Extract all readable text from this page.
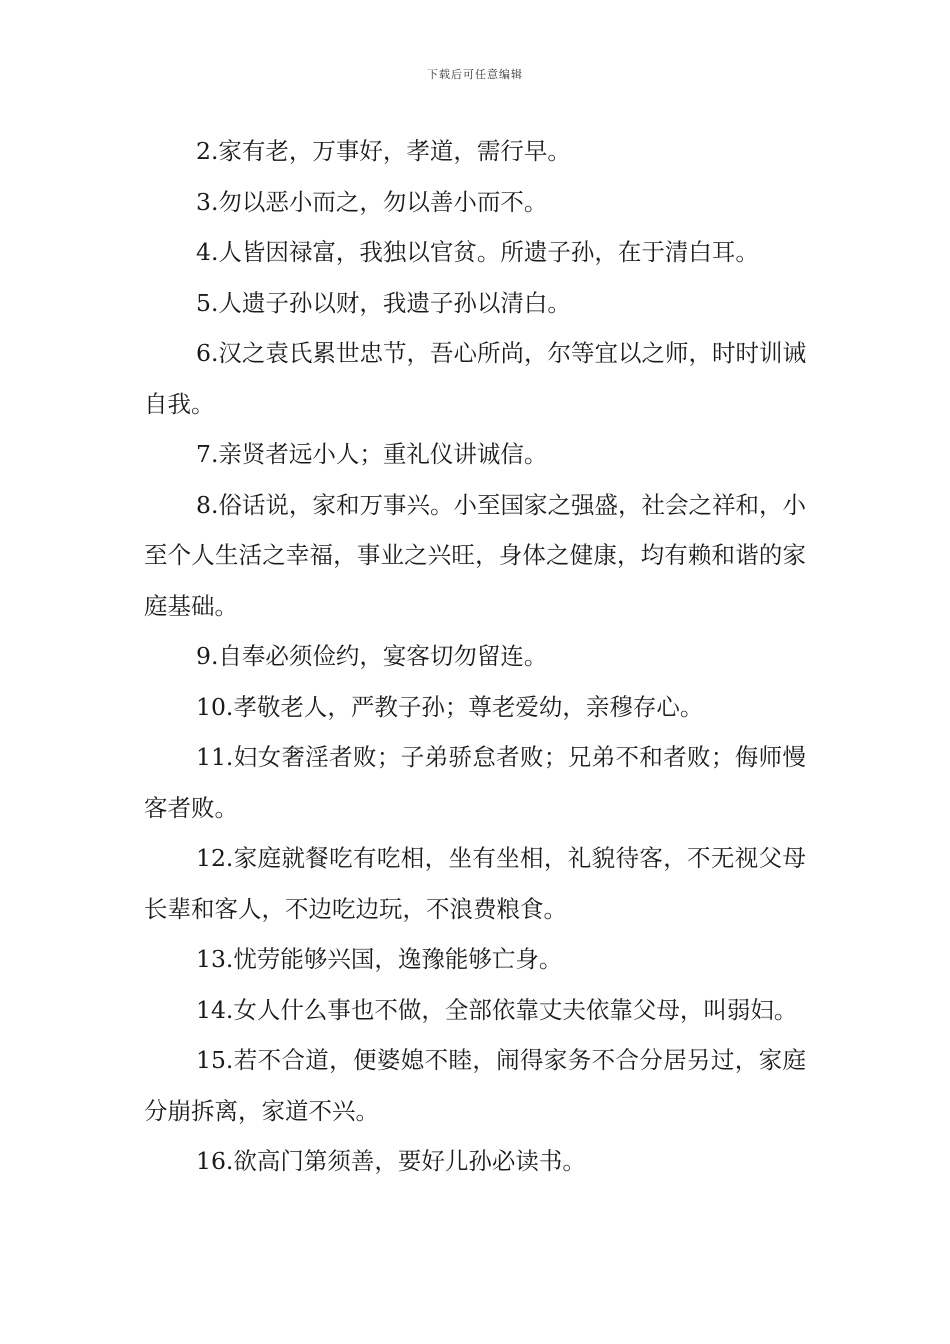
下载后可任意编辑

2.家有老，万事好，孝道，需行早。

3.勿以恶小而之，勿以善小而不。

4.人皆因禄富，我独以官贫。所遗子孙，在于清白耳。

5.人遗子孙以财，我遗子孙以清白。

6.汉之袁氏累世忠节，吾心所尚，尔等宜以之师，时时训诫自我。

7.亲贤者远小人；重礼仪讲诚信。

8.俗话说，家和万事兴。小至国家之强盛，社会之祥和，小至个人生活之幸福，事业之兴旺，身体之健康，均有赖和谐的家庭基础。

9.自奉必须俭约，宴客切勿留连。

10.孝敬老人，严教子孙；尊老爱幼，亲穆存心。

11.妇女奢淫者败；子弟骄怠者败；兄弟不和者败；侮师慢客者败。

12.家庭就餐吃有吃相，坐有坐相，礼貌待客，不无视父母长辈和客人，不边吃边玩，不浪费粮食。

13.忧劳能够兴国，逸豫能够亡身。

14.女人什么事也不做，全部依靠丈夫依靠父母，叫弱妇。

15.若不合道，便婆媳不睦，闹得家务不合分居另过，家庭分崩拆离，家道不兴。

16.欲高门第须善，要好儿孙必读书。
